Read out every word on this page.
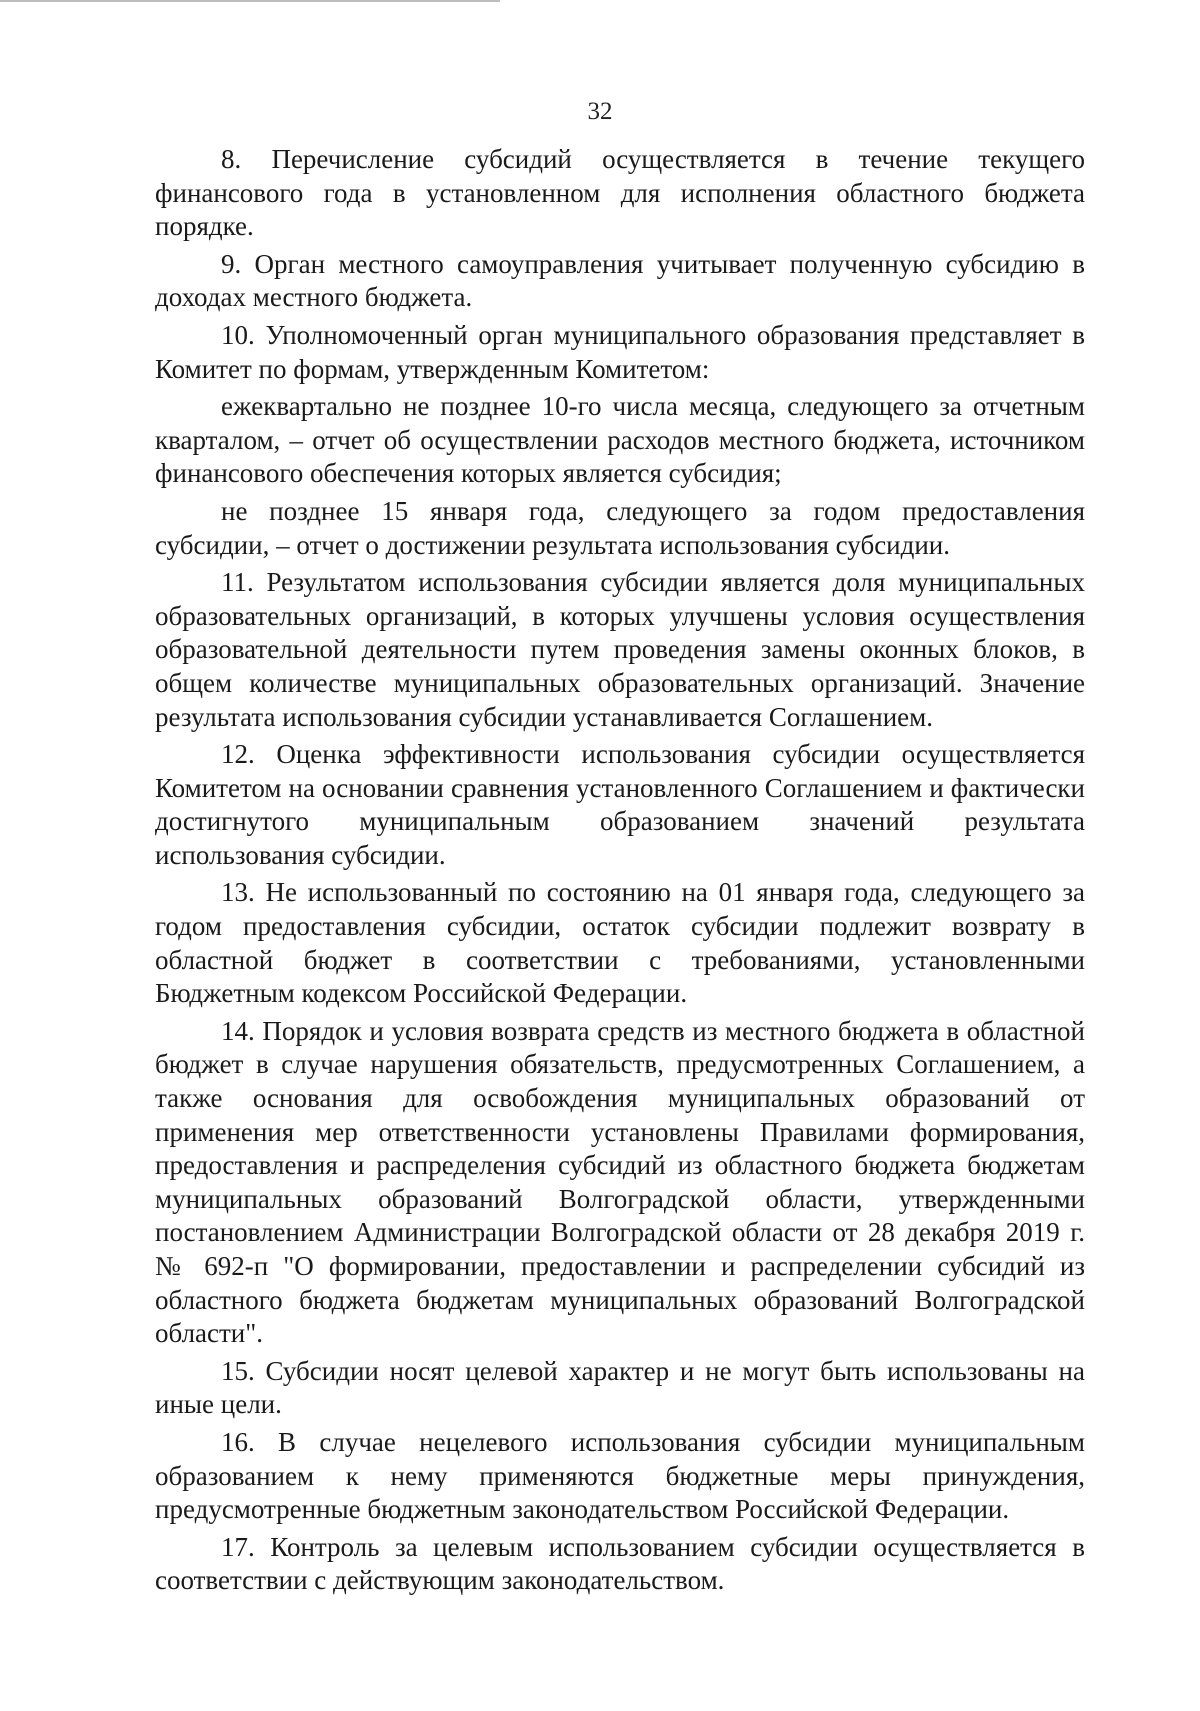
32

8. Перечисление субсидий осуществляется в течение текущего финансового года в установленном для исполнения областного бюджета порядке.

9. Орган местного самоуправления учитывает полученную субсидию в доходах местного бюджета.

10. Уполномоченный орган муниципального образования представляет в Комитет по формам, утвержденным Комитетом:

ежеквартально не позднее 10-го числа месяца, следующего за отчетным кварталом, – отчет об осуществлении расходов местного бюджета, источником финансового обеспечения которых является субсидия;

не позднее 15 января года, следующего за годом предоставления субсидии, – отчет о достижении результата использования субсидии.

11. Результатом использования субсидии является доля муниципальных образовательных организаций, в которых улучшены условия осуществления образовательной деятельности путем проведения замены оконных блоков, в общем количестве муниципальных образовательных организаций. Значение результата использования субсидии устанавливается Соглашением.

12. Оценка эффективности использования субсидии осуществляется Комитетом на основании сравнения установленного Соглашением и фактически достигнутого муниципальным образованием значений результата использования субсидии.

13. Не использованный по состоянию на 01 января года, следующего за годом предоставления субсидии, остаток субсидии подлежит возврату в областной бюджет в соответствии с требованиями, установленными Бюджетным кодексом Российской Федерации.

14. Порядок и условия возврата средств из местного бюджета в областной бюджет в случае нарушения обязательств, предусмотренных Соглашением, а также основания для освобождения муниципальных образований от применения мер ответственности установлены Правилами формирования, предоставления и распределения субсидий из областного бюджета бюджетам муниципальных образований Волгоградской области, утвержденными постановлением Администрации Волгоградской области от 28 декабря 2019 г. № 692-п "О формировании, предоставлении и распределении субсидий из областного бюджета бюджетам муниципальных образований Волгоградской области".

15. Субсидии носят целевой характер и не могут быть использованы на иные цели.

16. В случае нецелевого использования субсидии муниципальным образованием к нему применяются бюджетные меры принуждения, предусмотренные бюджетным законодательством Российской Федерации.

17. Контроль за целевым использованием субсидии осуществляется в соответствии с действующим законодательством.
